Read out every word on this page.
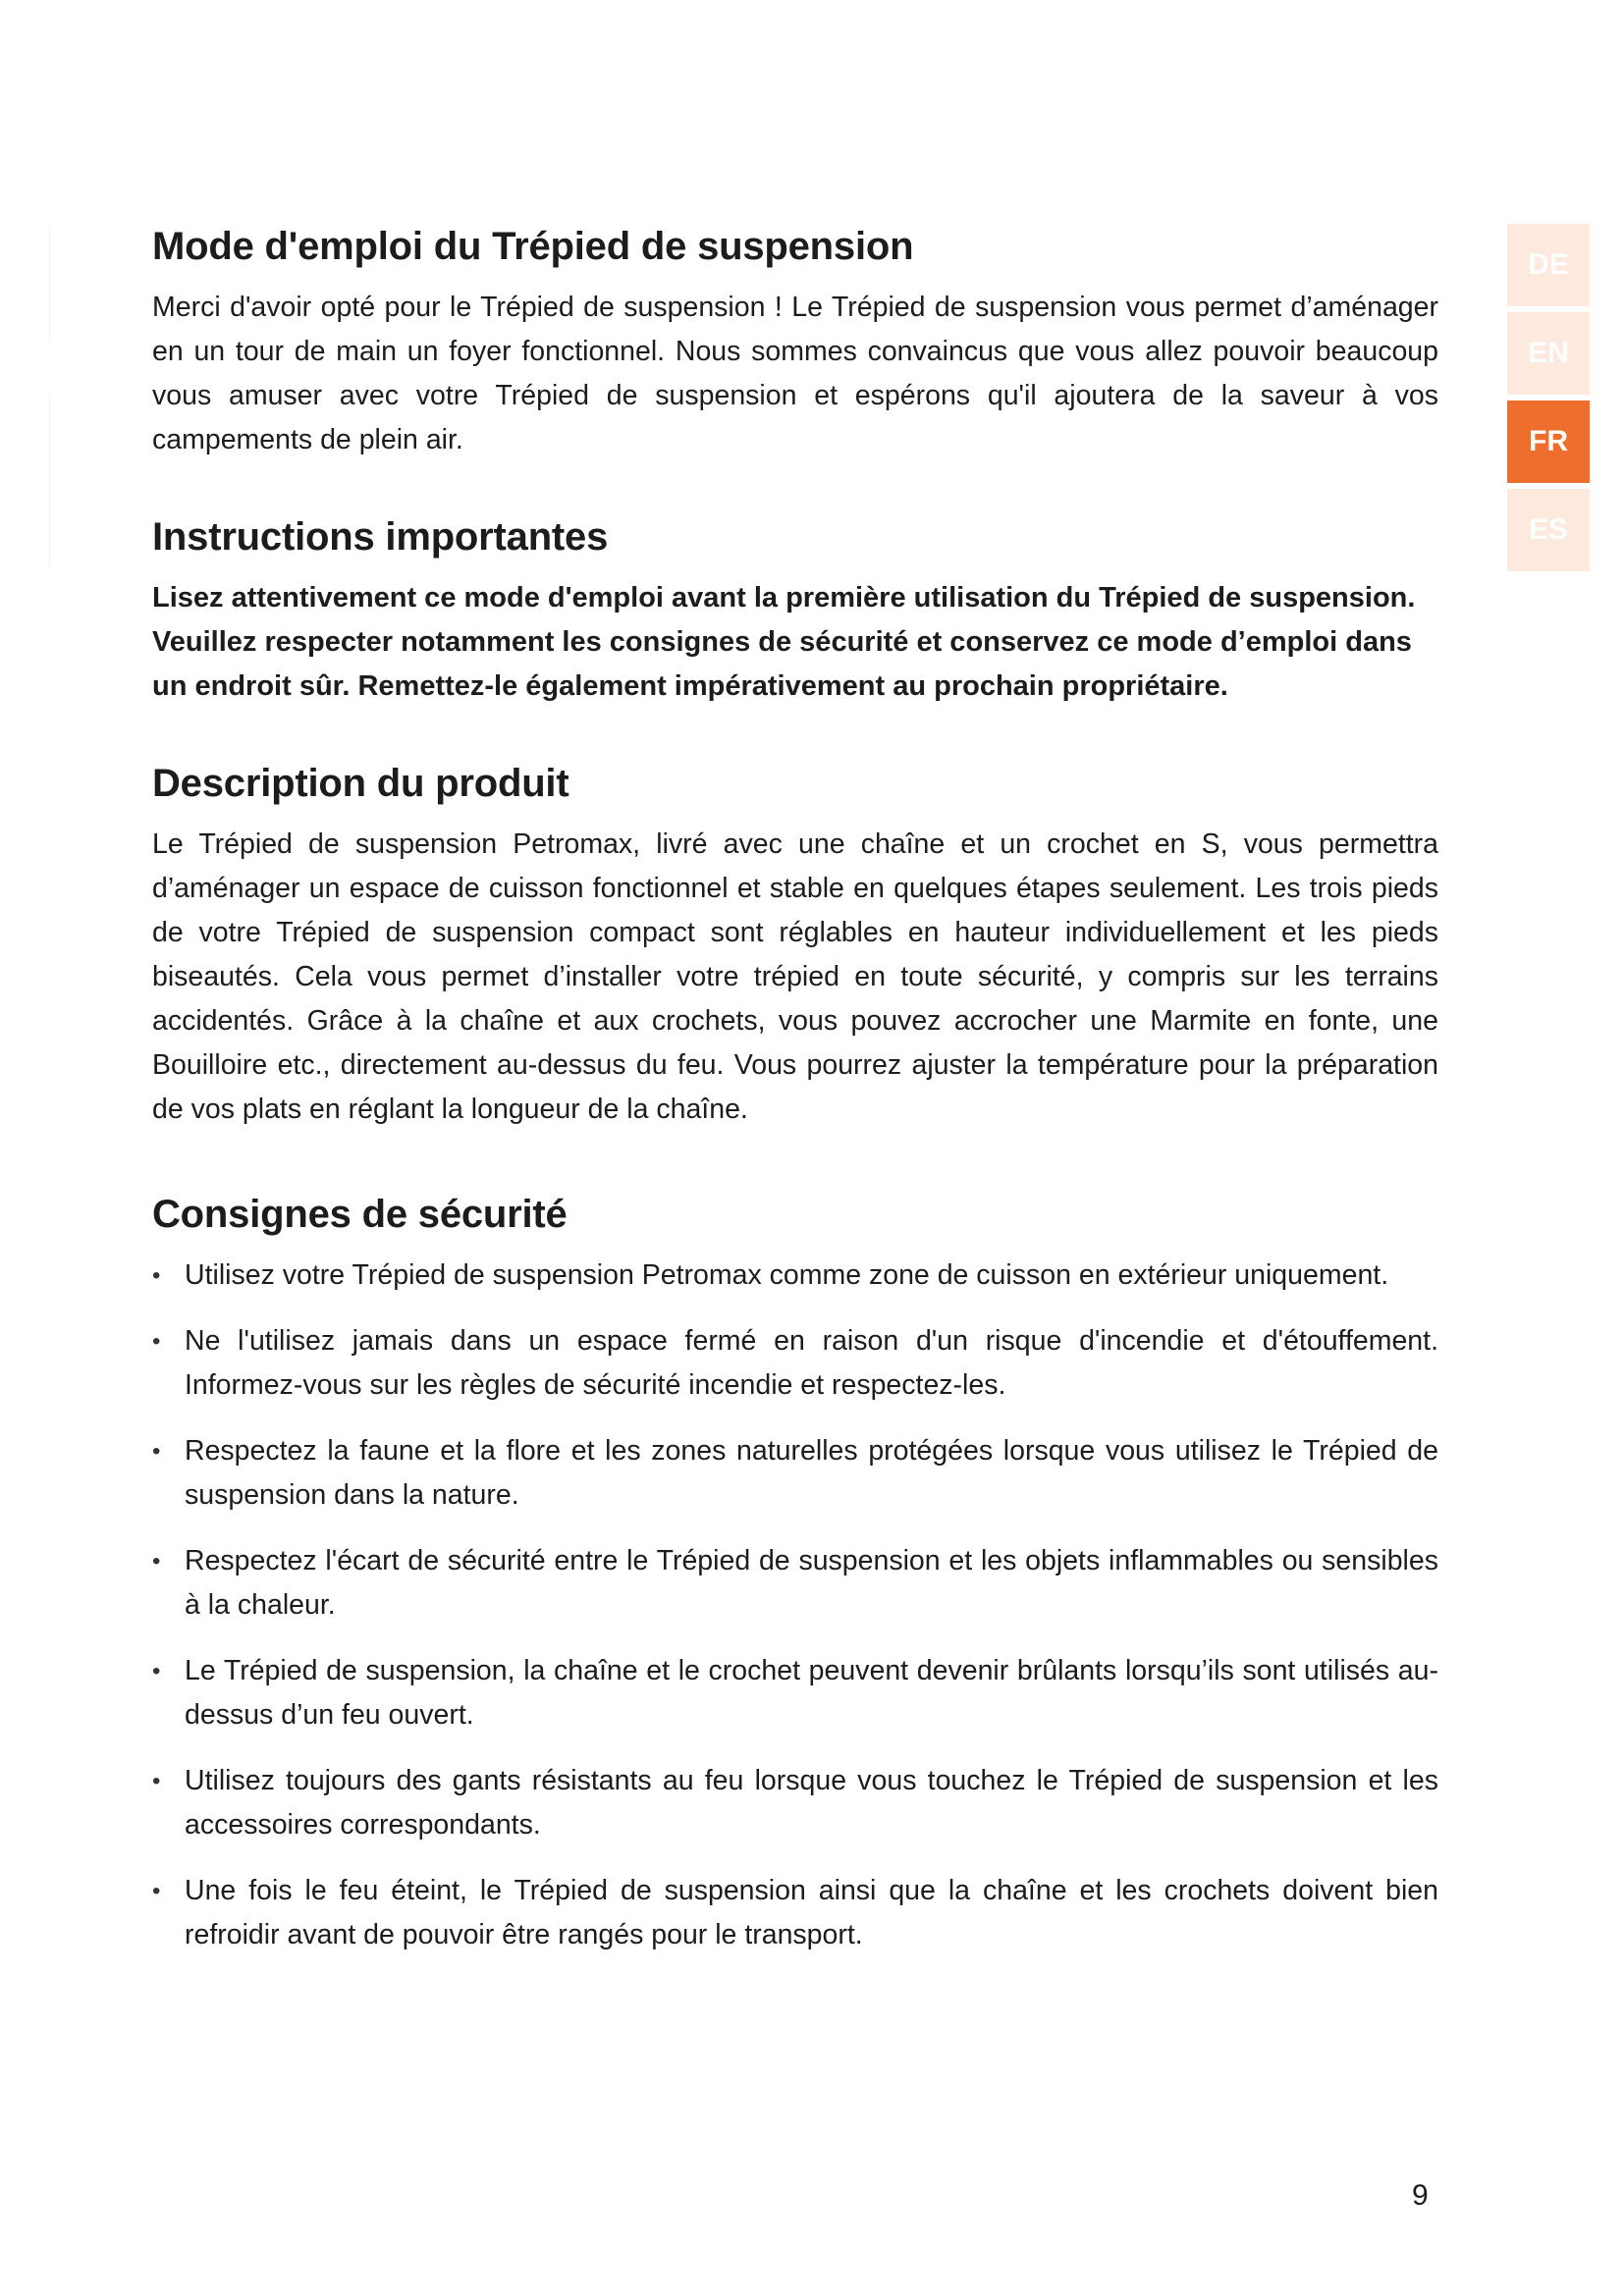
Mode d'emploi du Trépied de suspension

Merci d'avoir opté pour le Trépied de suspension ! Le Trépied de suspension vous permet d’aménager en un tour de main un foyer fonctionnel. Nous sommes convaincus que vous allez pouvoir beaucoup vous amuser avec votre Trépied de suspension et espérons qu'il ajoutera de la saveur à vos campements de plein air.

Instructions importantes

Lisez attentivement ce mode d'emploi avant la première utilisation du Trépied de suspension. Veuillez respecter notamment les consignes de sécurité et conservez ce mode d’emploi dans un endroit sûr. Remettez-le également impérativement au prochain propriétaire.

Description du produit

Le Trépied de suspension Petromax, livré avec une chaîne et un crochet en S, vous permettra d’aménager un espace de cuisson fonctionnel et stable en quelques étapes seulement. Les trois pieds de votre Trépied de suspension compact sont réglables en hauteur individuellement et les pieds biseautés. Cela vous permet d’installer votre trépied en toute sécurité, y compris sur les terrains accidentés. Grâce à la chaîne et aux crochets, vous pouvez accrocher une Marmite en fonte, une Bouilloire etc., directement au-dessus du feu. Vous pourrez ajuster la température pour la préparation de vos plats en réglant la longueur de la chaîne.

Consignes de sécurité
• Utilisez votre Trépied de suspension Petromax comme zone de cuisson en extérieur uniquement.
• Ne l'utilisez jamais dans un espace fermé en raison d'un risque d'incendie et d'étouffement. Informez-vous sur les règles de sécurité incendie et respectez-les.
• Respectez la faune et la flore et les zones naturelles protégées lorsque vous utilisez le Trépied de suspension dans la nature.
• Respectez l'écart de sécurité entre le Trépied de suspension et les objets inflammables ou sensibles à la chaleur.
• Le Trépied de suspension, la chaîne et le crochet peuvent devenir brûlants lorsqu’ils sont utilisés au-dessus d’un feu ouvert.
• Utilisez toujours des gants résistants au feu lorsque vous touchez le Trépied de suspension et les accessoires correspondants.
• Une fois le feu éteint, le Trépied de suspension ainsi que la chaîne et les crochets doivent bien refroidir avant de pouvoir être rangés pour le transport.
DE
EN
FR
ES
9
